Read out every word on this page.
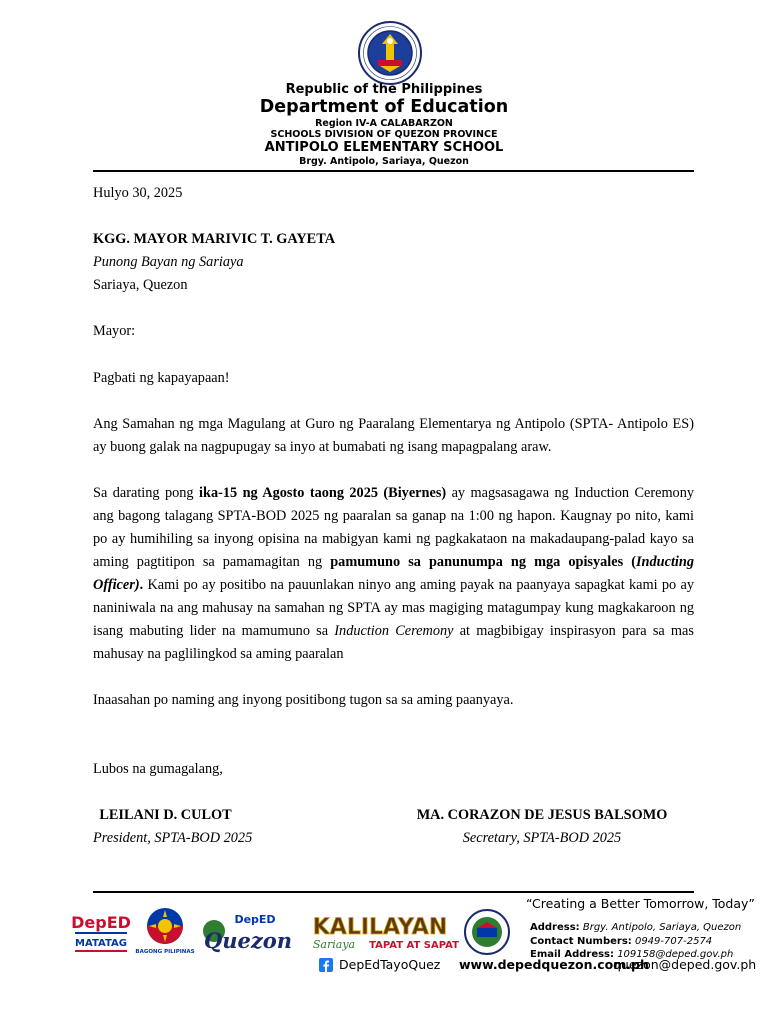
Republic of the Philippines
Department of Education
Region IV-A CALABARZON
SCHOOLS DIVISION OF QUEZON PROVINCE
ANTIPOLO ELEMENTARY SCHOOL
Brgy. Antipolo, Sariaya, Quezon
Hulyo 30, 2025
KGG. MAYOR MARIVIC T. GAYETA
Punong Bayan ng Sariaya
Sariaya, Quezon
Mayor:
Pagbati ng kapayapaan!
Ang Samahan ng mga Magulang at Guro ng Paaralang Elementarya ng Antipolo (SPTA- Antipolo ES) ay buong galak na nagpupugay sa inyo at bumabati ng isang mapagpalang araw.
Sa darating pong ika-15 ng Agosto taong 2025 (Biyernes) ay magsasagawa ng Induction Ceremony ang bagong talagang SPTA-BOD 2025 ng paaralan sa ganap na 1:00 ng hapon. Kaugnay po nito, kami po ay humihiling sa inyong opisina na mabigyan kami ng pagkakataon na makadaupang-palad kayo sa aming pagtitipon sa pamamagitan ng pamumuno sa panunumpa ng mga opisyales (Inducting Officer). Kami po ay positibo na pauunlakan ninyo ang aming payak na paanyaya sapagkat kami po ay naniniwala na ang mahusay na samahan ng SPTA ay mas magiging matagumpay kung magkakaroon ng isang mabuting lider na mamumuno sa Induction Ceremony at magbibigay inspirasyon para sa mas mahusay na paglilingkod sa aming paaralan
Inaasahan po naming ang inyong positibong tugon sa sa aming paanyaya.
Lubos na gumagalang,
LEILANI D. CULOT
President, SPTA-BOD 2025
MA. CORAZON DE JESUS BALSOMO
Secretary, SPTA-BOD 2025
DepED
MATATAG
BAGONG PILIPINAS
DepED
Quezon
KALILAYAN
Sariaya TAPAT AT SAPAT
“Creating a Better Tomorrow, Today”
Address: Brgy. Antipolo, Sariaya, Quezon
Contact Numbers: 0949-707-2574
Email Address: 109158@deped.gov.ph
DepEdTayoQuez www.depedquezon.com.ph
quezon@deped.gov.ph
